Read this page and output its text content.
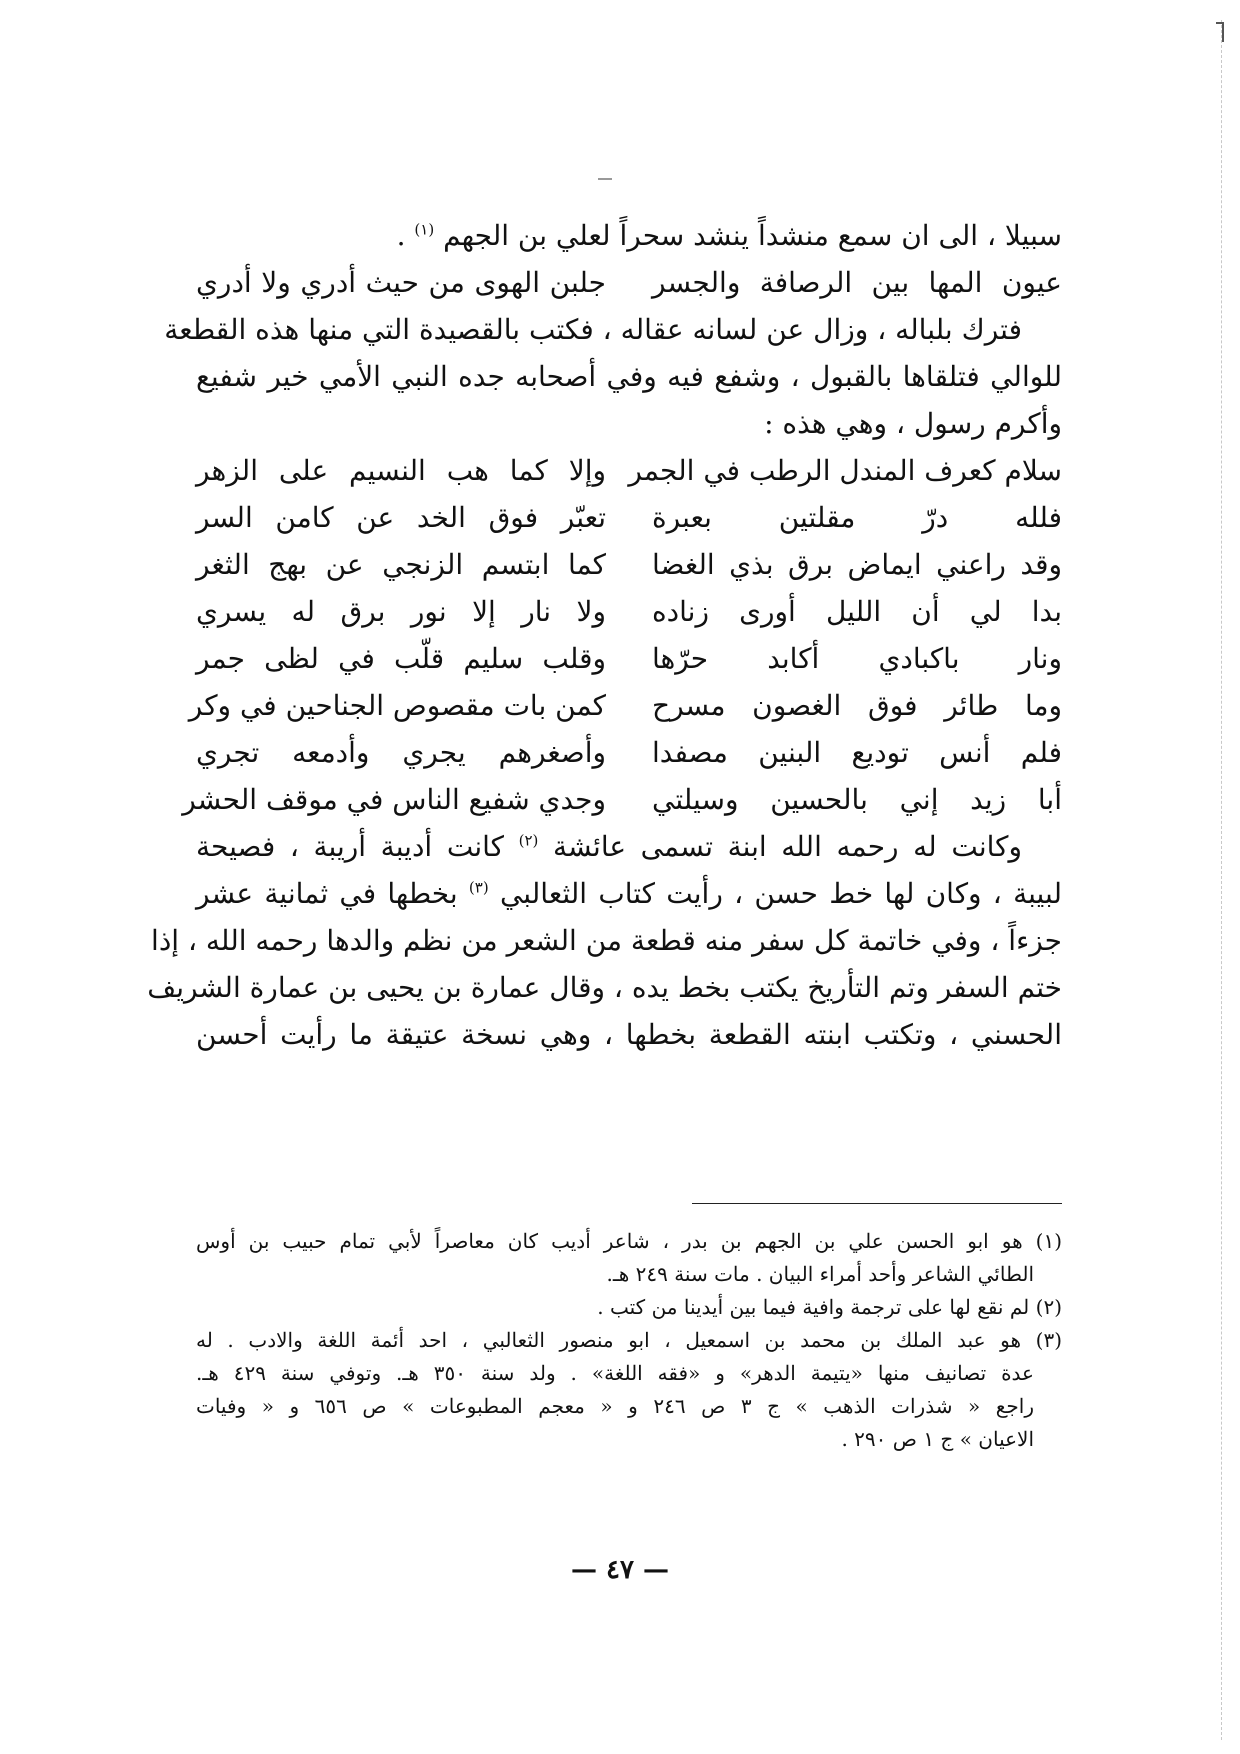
سبيلا ، الى ان سمع منشداً ينشد سحراً لعلي بن الجهم $^{(١)}$ .
عيون المها بين الرصافة والجسر
جلبن الهوى من حيث أدري ولا أدري
فترك بلباله ، وزال عن لسانه عقاله ، فكتب بالقصيدة التي منها هذه القطعة
للوالي فتلقاها بالقبول ، وشفع فيه وفي أصحابه جده النبي الأمي خير شفيع
وأكرم رسول ، وهي هذه :
سلام كعرف المندل الرطب في الجمر
وإلا كما هب النسيم على الزهر
فلله درّ مقلتين بعبرة
تعبّر فوق الخد عن كامن السر
وقد راعني ايماض برق بذي الغضا
كما ابتسم الزنجي عن بهج الثغر
بدا لي أن الليل أورى زناده
ولا نار إلا نور برق له يسري
ونار باكبادي أكابد حرّها
وقلب سليم قلّب في لظى جمر
وما طائر فوق الغصون مسرح
كمن بات مقصوص الجناحين في وكر
فلم أنس توديع البنين مصفدا
وأصغرهم يجري وأدمعه تجري
أبا زيد إني بالحسين وسيلتي
وجدي شفيع الناس في موقف الحشر
وكانت له رحمه الله ابنة تسمى عائشة $^{(٢)}$ كانت أديبة أريبة ، فصيحة
لبيبة ، وكان لها خط حسن ، رأيت كتاب الثعالبي $^{(٣)}$ بخطها في ثمانية عشر
جزءاً ، وفي خاتمة كل سفر منه قطعة من الشعر من نظم والدها رحمه الله ، إذا
ختم السفر وتم التأريخ يكتب بخط يده ، وقال عمارة بن يحيى بن عمارة الشريف
الحسني ، وتكتب ابنته القطعة بخطها ، وهي نسخة عتيقة ما رأيت أحسن
(١) هو ابو الحسن علي بن الجهم بن بدر ، شاعر أديب كان معاصراً لأبي تمام حبيب بن أوس
الطائي الشاعر وأحد أمراء البيان . مات سنة ٢٤٩ هـ.
(٢) لم نقع لها على ترجمة وافية فيما بين أيدينا من كتب .
(٣) هو عبد الملك بن محمد بن اسمعيل ، ابو منصور الثعالبي ، احد أئمة اللغة والادب . له
عدة تصانيف منها «يتيمة الدهر» و «فقه اللغة» . ولد سنة ٣٥٠ هـ. وتوفي سنة ٤٢٩ هـ.
راجع « شذرات الذهب » ج ٣ ص ٢٤٦ و « معجم المطبوعات » ص ٦٥٦ و « وفيات
الاعيان » ج ١ ص ٢٩٠ .
— ٤٧ —
